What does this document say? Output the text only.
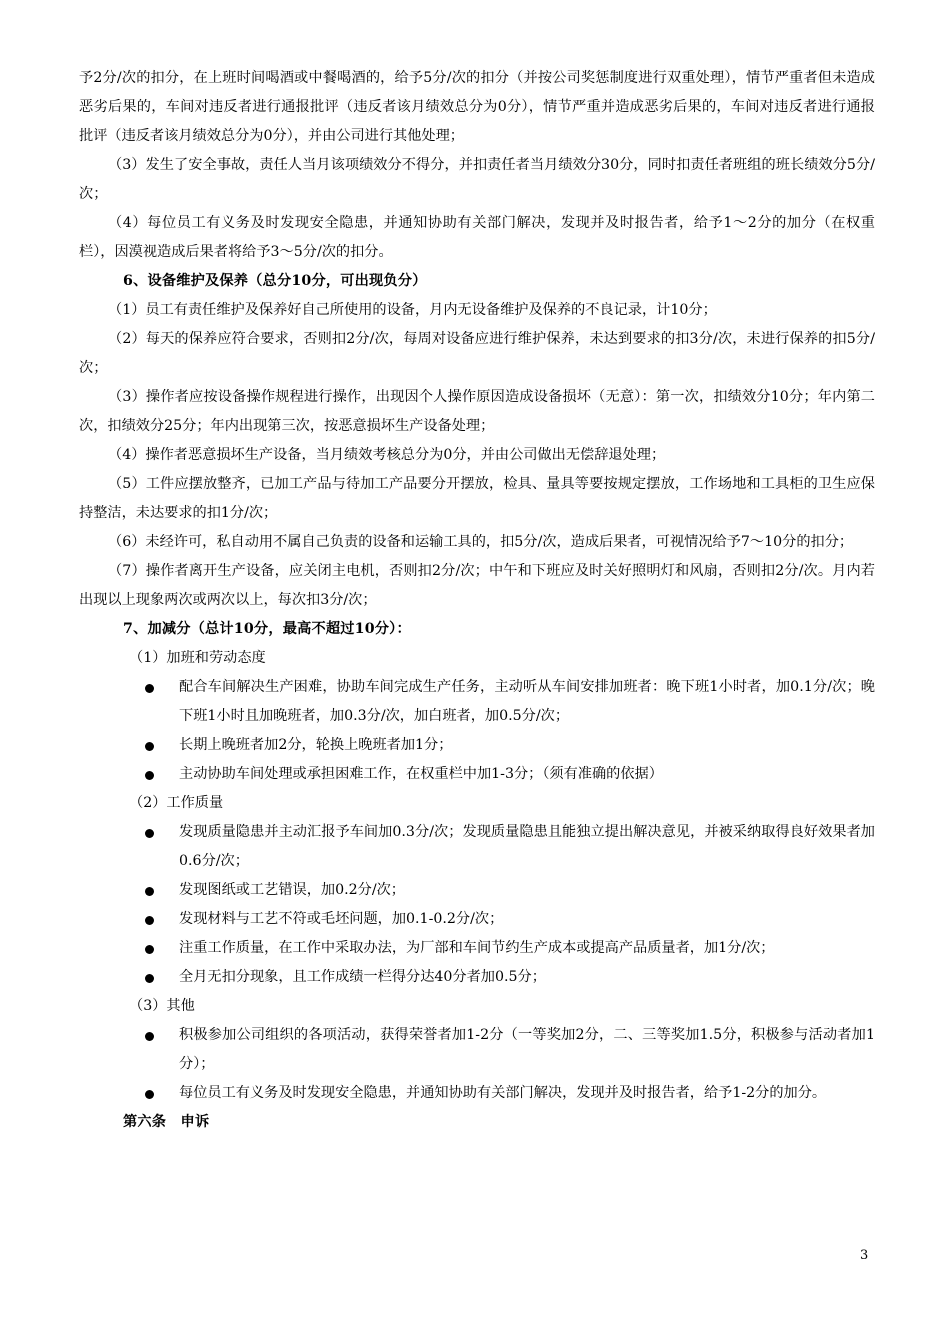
予2分/次的扣分，在上班时间喝酒或中餐喝酒的，给予5分/次的扣分（并按公司奖惩制度进行双重处理），情节严重者但未造成恶劣后果的，车间对违反者进行通报批评（违反者该月绩效总分为0分），情节严重并造成恶劣后果的，车间对违反者进行通报批评（违反者该月绩效总分为0分），并由公司进行其他处理；

（3）发生了安全事故，责任人当月该项绩效分不得分，并扣责任者当月绩效分30分，同时扣责任者班组的班长绩效分5分/次；

（4）每位员工有义务及时发现安全隐患，并通知协助有关部门解决，发现并及时报告者，给予1～2分的加分（在权重栏），因漠视造成后果者将给予3～5分/次的扣分。

6、设备维护及保养（总分10分，可出现负分）

（1）员工有责任维护及保养好自己所使用的设备，月内无设备维护及保养的不良记录，计10分；

（2）每天的保养应符合要求，否则扣2分/次，每周对设备应进行维护保养，未达到要求的扣3分/次，未进行保养的扣5分/次；

（3）操作者应按设备操作规程进行操作，出现因个人操作原因造成设备损坏（无意）：第一次，扣绩效分10分；年内第二次，扣绩效分25分；年内出现第三次，按恶意损坏生产设备处理；

（4）操作者恶意损坏生产设备，当月绩效考核总分为0分，并由公司做出无偿辞退处理；

（5）工件应摆放整齐，已加工产品与待加工产品要分开摆放，检具、量具等要按规定摆放，工作场地和工具柜的卫生应保持整洁，未达要求的扣1分/次；

（6）未经许可，私自动用不属自己负责的设备和运输工具的，扣5分/次，造成后果者，可视情况给予7～10分的扣分；

（7）操作者离开生产设备，应关闭主电机，否则扣2分/次；中午和下班应及时关好照明灯和风扇，否则扣2分/次。月内若出现以上现象两次或两次以上，每次扣3分/次；

7、加减分（总计10分，最高不超过10分）：

（1）加班和劳动态度

配合车间解决生产困难，协助车间完成生产任务，主动听从车间安排加班者：晚下班1小时者，加0.1分/次；晚下班1小时且加晚班者，加0.3分/次，加白班者，加0.5分/次；

长期上晚班者加2分，轮换上晚班者加1分；

主动协助车间处理或承担困难工作，在权重栏中加1-3分；（须有准确的依据）

（2）工作质量

发现质量隐患并主动汇报予车间加0.3分/次；发现质量隐患且能独立提出解决意见，并被采纳取得良好效果者加0.6分/次；

发现图纸或工艺错误，加0.2分/次；

发现材料与工艺不符或毛坯问题，加0.1-0.2分/次；

注重工作质量，在工作中采取办法，为厂部和车间节约生产成本或提高产品质量者，加1分/次；

全月无扣分现象，且工作成绩一栏得分达40分者加0.5分；

（3）其他

积极参加公司组织的各项活动，获得荣誉者加1-2分（一等奖加2分，二、三等奖加1.5分，积极参与活动者加1分）；

每位员工有义务及时发现安全隐患，并通知协助有关部门解决，发现并及时报告者，给予1-2分的加分。

第六条　申诉

3
